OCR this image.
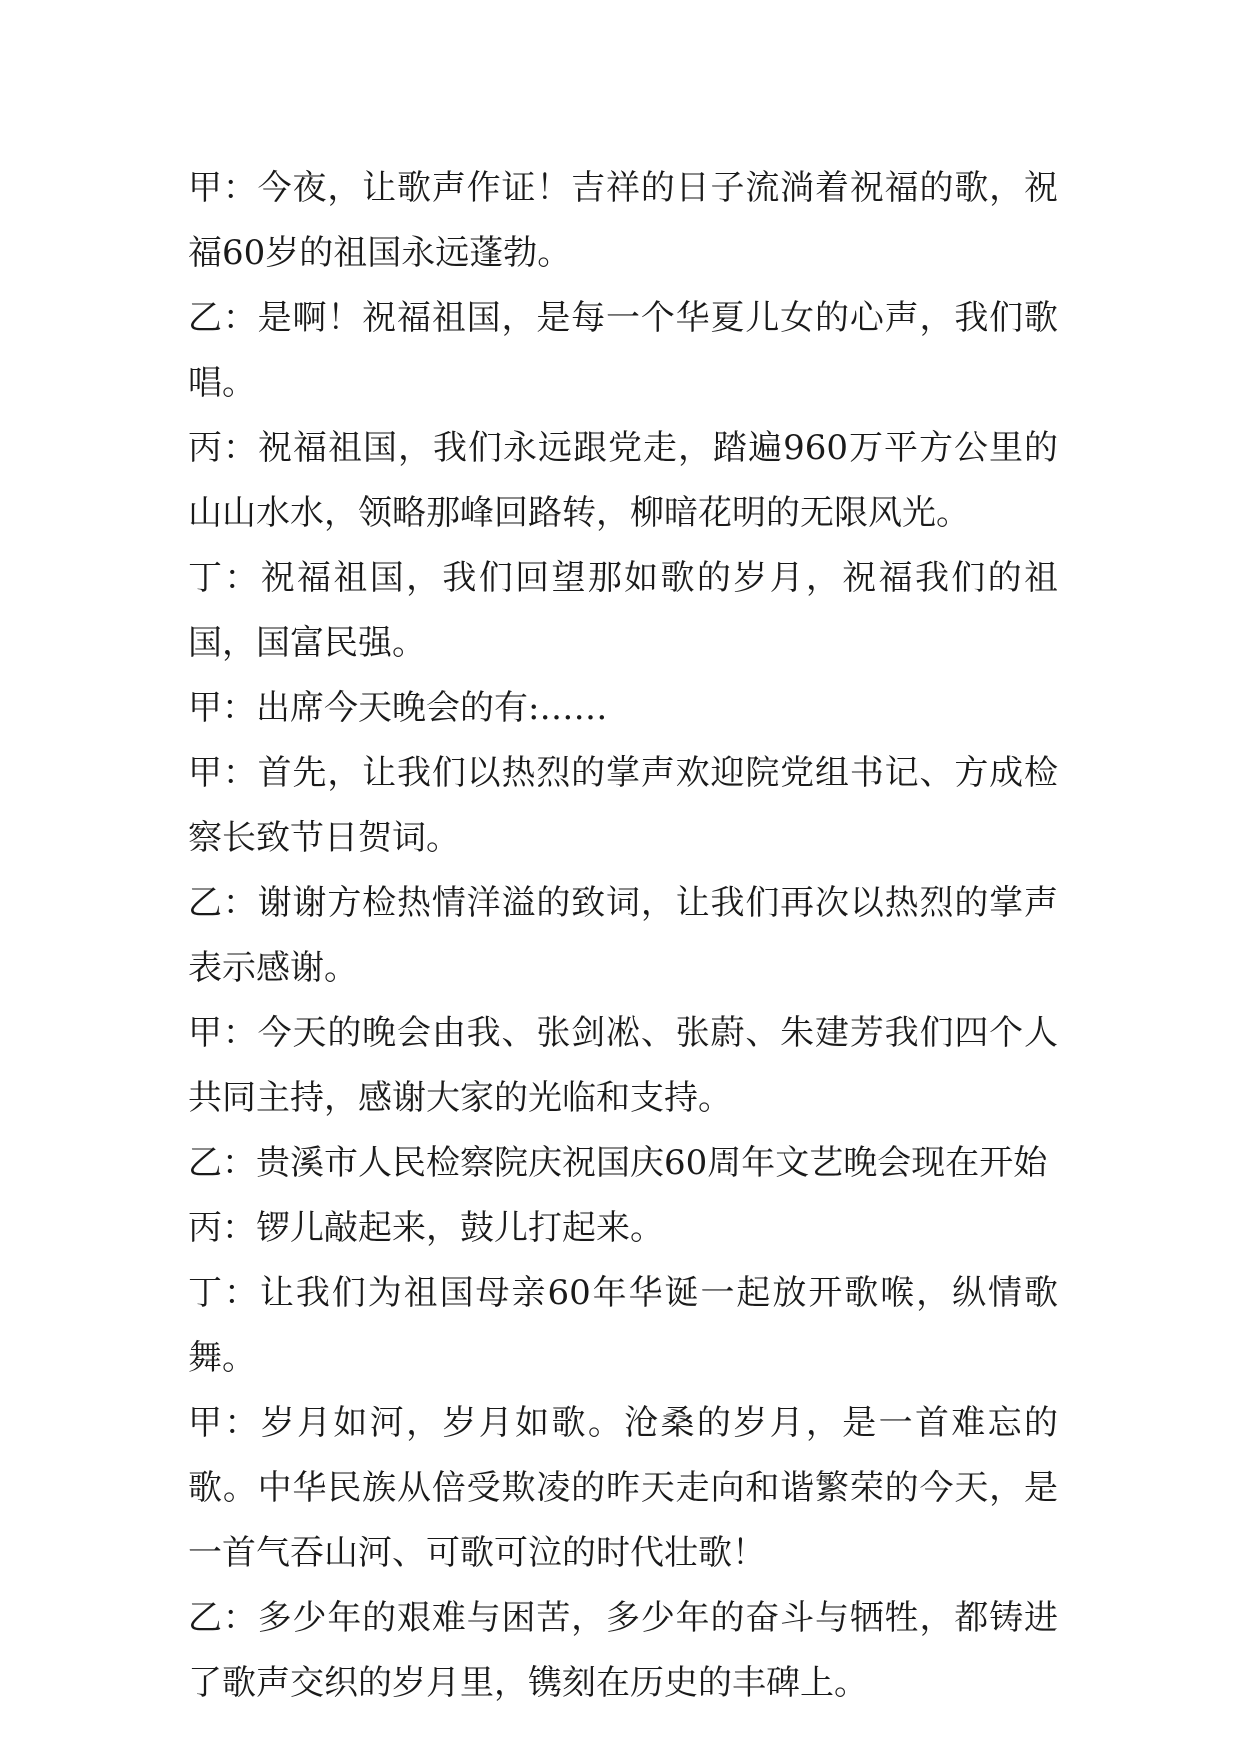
甲：今夜，让歌声作证！吉祥的日子流淌着祝福的歌，祝福60岁的祖国永远蓬勃。

乙：是啊！祝福祖国，是每一个华夏儿女的心声，我们歌唱。

丙：祝福祖国，我们永远跟党走，踏遍960万平方公里的山山水水，领略那峰回路转，柳暗花明的无限风光。

丁：祝福祖国，我们回望那如歌的岁月，祝福我们的祖国，国富民强。

甲：出席今天晚会的有:……

甲：首先，让我们以热烈的掌声欢迎院党组书记、方成检察长致节日贺词。

乙：谢谢方检热情洋溢的致词，让我们再次以热烈的掌声表示感谢。

甲：今天的晚会由我、张剑凇、张蔚、朱建芳我们四个人共同主持，感谢大家的光临和支持。

乙：贵溪市人民检察院庆祝国庆60周年文艺晚会现在开始

丙：锣儿敲起来，鼓儿打起来。

丁：让我们为祖国母亲60年华诞一起放开歌喉，纵情歌舞。

甲：岁月如河，岁月如歌。沧桑的岁月，是一首难忘的歌。中华民族从倍受欺凌的昨天走向和谐繁荣的今天，是一首气吞山河、可歌可泣的时代壮歌！

乙：多少年的艰难与困苦，多少年的奋斗与牺牲，都铸进了歌声交织的岁月里，镌刻在历史的丰碑上。
